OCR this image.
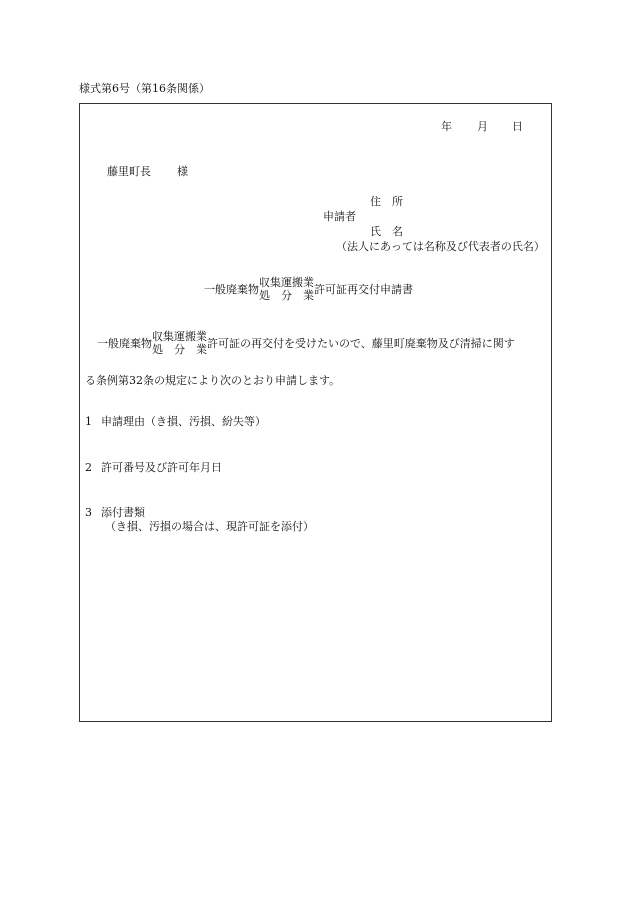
様式第6号（第16条関係）
年 月 日
藤里町長 様
住　所
申請者
氏　名
（法人にあっては名称及び代表者の氏名）
一般廃棄物 収集運搬業
処　分　業 許可証再交付申請書
一般廃棄物 収集運搬業
処　分　業 許可証の再交付を受けたいので、藤里町廃棄物及び清掃に関す
る条例第32条の規定により次のとおり申請します。
1 申請理由（き損、汚損、紛失等）
2 許可番号及び許可年月日
3 添付書類
（き損、汚損の場合は、現許可証を添付）
